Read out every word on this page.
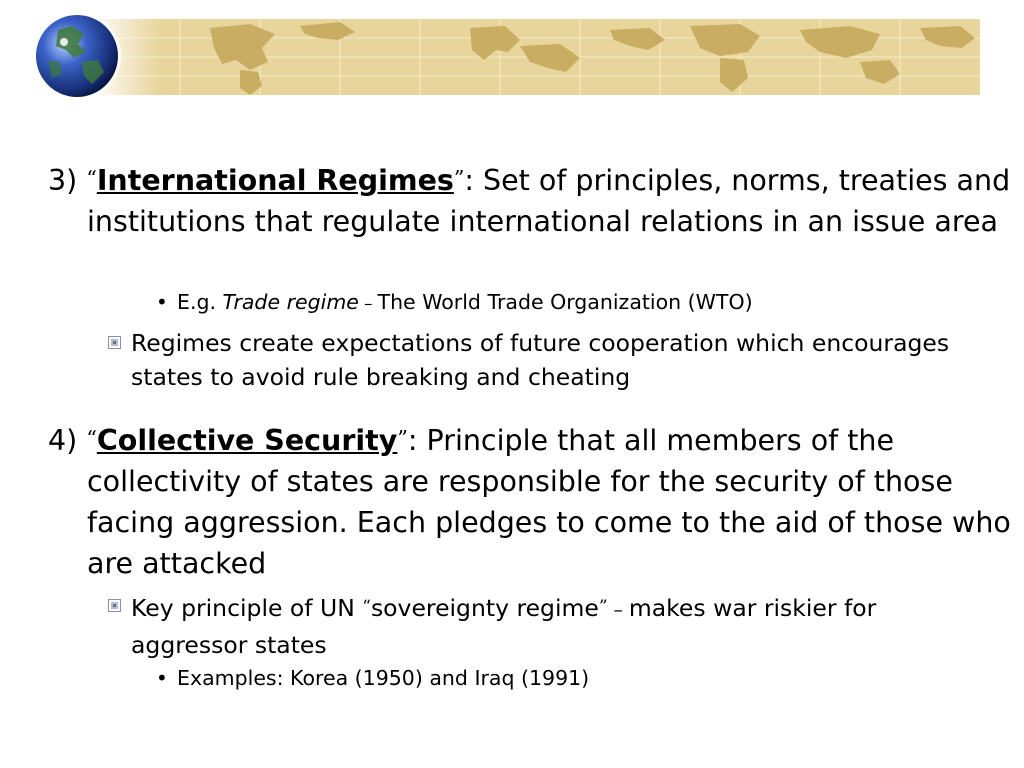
3) “International Regimes”: Set of principles, norms, treaties and institutions that regulate international relations in an issue area

• E.g. Trade regime – The World Trade Organization (WTO)

Regimes create expectations of future cooperation which encourages states to avoid rule breaking and cheating

4) “Collective Security”: Principle that all members of the collectivity of states are responsible for the security of those facing aggression. Each pledges to come to the aid of those who are attacked

Key principle of UN “sovereignty regime” – makes war riskier for aggressor states

• Examples: Korea (1950) and Iraq (1991)
